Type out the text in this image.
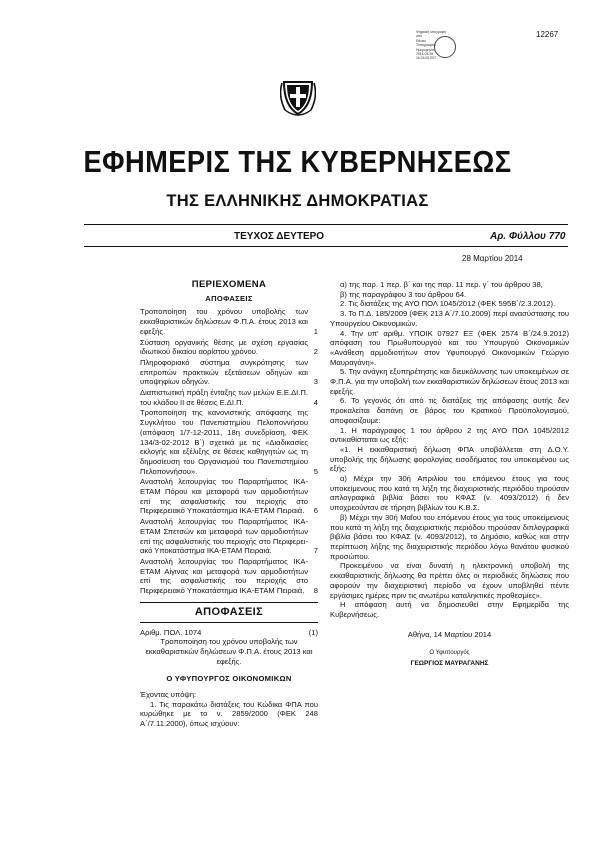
12267
Ψηφιακή υπογραφή
από
Εθνικό
Τυπογραφείο
Ημερομηνία:
2014.03.28
16:24:05 EET
ΕΦΗΜΕΡΙΣ ΤΗΣ ΚΥΒΕΡΝΗΣΕΩΣ
ΤΗΣ ΕΛΛΗΝΙΚΗΣ ΔΗΜΟΚΡΑΤΙΑΣ
ΤΕΥΧΟΣ ΔΕΥΤΕΡΟ	Αρ. Φύλλου 770
28 Μαρτίου 2014
ΠΕΡΙΕΧΟΜΕΝΑ
ΑΠΟΦΑΣΕΙΣ
Τροποποίηση του χρόνου υποβολής των εκκαθαριστικών δηλώσεων Φ.Π.Α. έτους 2013 και εφεξής.	1
Σύσταση οργανικής θέσης με σχέση εργασίας ιδιωτικού δικαίου αορίστου χρόνου.	2
Πληροφοριακό σύστημα συγκρότησης των επιτροπών πρακτικών εξετάσεων οδηγών και υποψηφίων οδηγών.	3
Διαπιστωτική πράξη ένταξης των μελών Ε.Ε.ΔΙ.Π. του κλάδου ΙΙ σε θέσεις Ε.ΔΙ.Π.	4
Τροποποίηση της κανονιστικής απόφασης της Συγκλήτου του Πανεπιστημίου Πελοποννήσου (απόφαση 1/7-12-2011, 18η συνεδρίαση, ΦΕΚ 134/3-02-2012 Β΄) σχετικά με τις «Διαδικασίες εκλογής και εξέλιξης σε θέσεις καθηγητών ως τη δημοσίευση του Οργανισμού του Πανεπιστημίου Πελοποννήσου».	5
Αναστολή λειτουργίας του Παραρτήματος ΙΚΑ-ΕΤΑΜ Πόρου και μεταφορά των αρμοδιοτήτων επί της ασφαλιστικής του περιοχής στο Περιφερειακό Υποκατάστημα ΙΚΑ-ΕΤΑΜ Πειραιά. 6
Αναστολή λειτουργίας του Παραρτήματος ΙΚΑ-ΕΤΑΜ Σπετσών και μεταφορά των αρμοδιοτήτων επί της ασφαλιστικής του περιοχής στο Περιφερειακό Υποκατάστημα ΙΚΑ-ΕΤΑΜ Πειραιά.	7
Αναστολή λειτουργίας του Παραρτήματος ΙΚΑ-ΕΤΑΜ Αίγινας και μεταφορά των αρμοδιοτήτων επί της ασφαλιστικής του περιοχής στο Περιφερειακό Υποκατάστημα ΙΚΑ-ΕΤΑΜ Πειραιά. 8
ΑΠΟΦΑΣΕΙΣ
Αριθμ. ΠΟΛ. 1074	(1)
Τροποποίηση του χρόνου υποβολής των εκκαθαριστικών δηλώσεων Φ.Π.Α. έτους 2013 και εφεξής.
Ο ΥΦΥΠΟΥΡΓΟΣ ΟΙΚΟΝΟΜΙΚΩΝ

Έχοντας υπόψη:

1. Τις παρακάτω διατάξεις του Κώδικα ΦΠΑ που κυρώθηκε με το ν. 2859/2000 (ΦΕΚ 248 Α΄/7.11.2000), όπως ισχύουν:

α) της παρ. 1 περ. β΄ και της παρ. 11 περ. γ΄ του άρθρου 38,

β) της παραγράφου 3 του άρθρου 64.

2. Τις διατάξεις της ΑΥΟ ΠΟΛ 1045/2012 (ΦΕΚ 595Β΄/2.3.2012).

3. Το Π.Δ. 185/2009 (ΦΕΚ 213 Α΄/7.10.2009) περί ανασύστασης του Υπουργείου Οικονομικών.

4. Την υπ' αριθμ. ΥΠΟΙΚ 07927 ΕΞ (ΦΕΚ 2574 Β΄/24.9.2012) απόφαση του Πρωθυπουργού και του Υπουργού Οικονομικών «Ανάθεση αρμοδιοτήτων στον Υφυπουργό Οικονομικών Γεώργιο Μαυραγάνη».

5. Την ανάγκη εξυπηρέτησης και διευκόλυνσης των υποκειμένων σε Φ.Π.Α. για την υποβολή των εκκαθαριστικών δηλώσεων έτους 2013 και εφεξής.

6. Το γεγονός ότι από τις διατάξεις της απόφασης αυτής δεν προκαλείται δαπάνη σε βάρος του Κρατικού Προϋπολογισμού, αποφασίζουμε:

1. Η παράγραφος 1 του άρθρου 2 της ΑΥΟ ΠΟΛ 1045/2012 αντικαθίσταται ως εξής:

«1. Η εκκαθαριστική δήλωση ΦΠΑ υποβάλλεται στη Δ.Ο.Υ. υποβολής της δήλωσης φορολογίας εισοδήματος του υποκειμένου ως εξής:

α) Μέχρι την 30ή Απριλίου του επόμενου έτους για τους υποκείμενους που κατά τη λήξη της διαχειριστικής περιόδου τηρούσαν απλογραφικά βιβλία βάσει του ΚΦΑΣ (ν. 4093/2012) ή δεν υποχρεούνταν σε τήρηση βιβλίων του Κ.Β.Σ.

β) Μέχρι την 30ή Μαΐου του επόμενου έτους για τους υποκείμενους που κατά τη λήξη της διαχειριστικής περιόδου τηρούσαν διπλογραφικά βιβλία βάσει του ΚΦΑΣ (ν. 4093/2012), το Δημόσιο, καθώς και στην περίπτωση λήξης της διαχειριστικής περιόδου λόγω θανάτου φυσικού προσώπου.

Προκειμένου να είναι δυνατή η ηλεκτρονική υποβολή της εκκαθαριστικής δήλωσης θα πρέπει όλες οι περιοδικές δηλώσεις που αφορούν την διαχειριστική περίοδο να έχουν υποβληθεί πέντε εργάσιμες ημέρες πριν τις ανωτέρω καταληκτικές προθεσμίες».

Η απόφαση αυτή να δημοσιευθεί στην Εφημερίδα της Κυβερνήσεως.

Αθήνα, 14 Μαρτίου 2014
Ο Υφυπουργός
ΓΕΩΡΓΙΟΣ ΜΑΥΡΑΓΑΝΗΣ
